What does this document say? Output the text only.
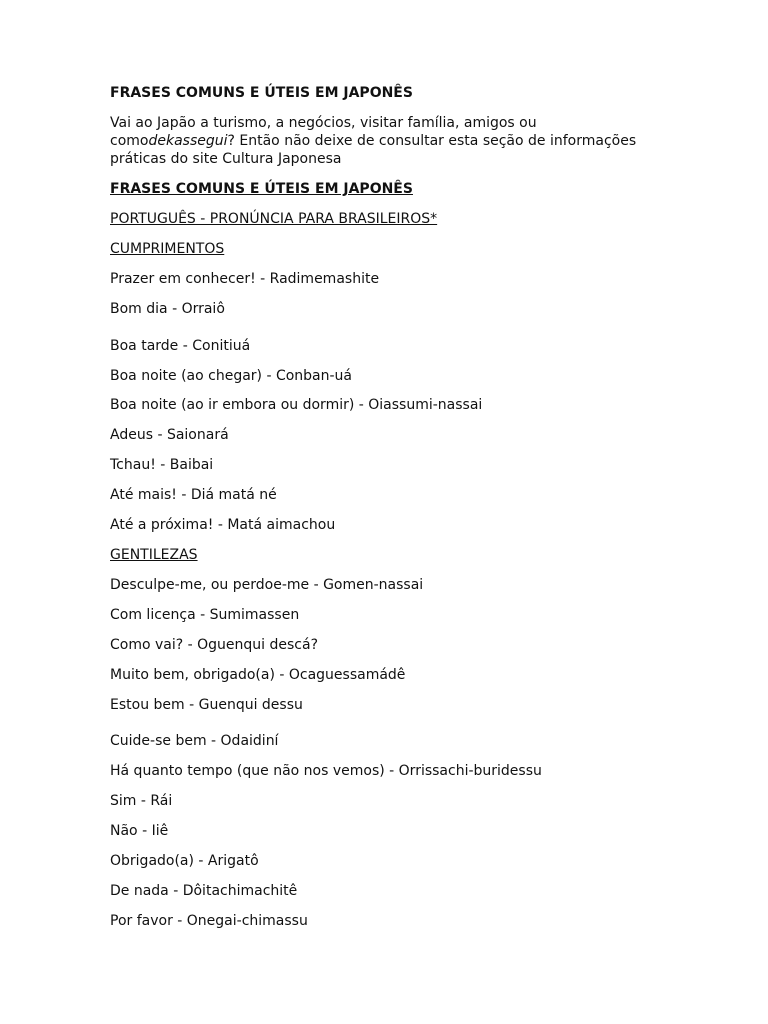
FRASES COMUNS E ÚTEIS EM JAPONÊS
Vai ao Japão a turismo, a negócios, visitar família, amigos ou
comodekassegui? Então não deixe de consultar esta seção de informações
práticas do site Cultura Japonesa
FRASES COMUNS E ÚTEIS EM JAPONÊS
PORTUGUÊS - PRONÚNCIA PARA BRASILEIROS*
CUMPRIMENTOS
Prazer em conhecer! - Radimemashite
Bom dia - Orraiô
Boa tarde - Conitiuá
Boa noite (ao chegar) - Conban-uá
Boa noite (ao ir embora ou dormir) - Oiassumi-nassai
Adeus - Saionará
Tchau! - Baibai
Até mais! - Diá matá né
Até a próxima! - Matá aimachou
GENTILEZAS
Desculpe-me, ou perdoe-me - Gomen-nassai
Com licença - Sumimassen
Como vai? - Oguenqui descá?
Muito bem, obrigado(a) - Ocaguessamádê
Estou bem - Guenqui dessu
Cuide-se bem - Odaidiní
Há quanto tempo (que não nos vemos) - Orrissachi-buridessu
Sim - Rái
Não - Iiê
Obrigado(a) - Arigatô
De nada - Dôitachimachitê
Por favor - Onegai-chimassu
